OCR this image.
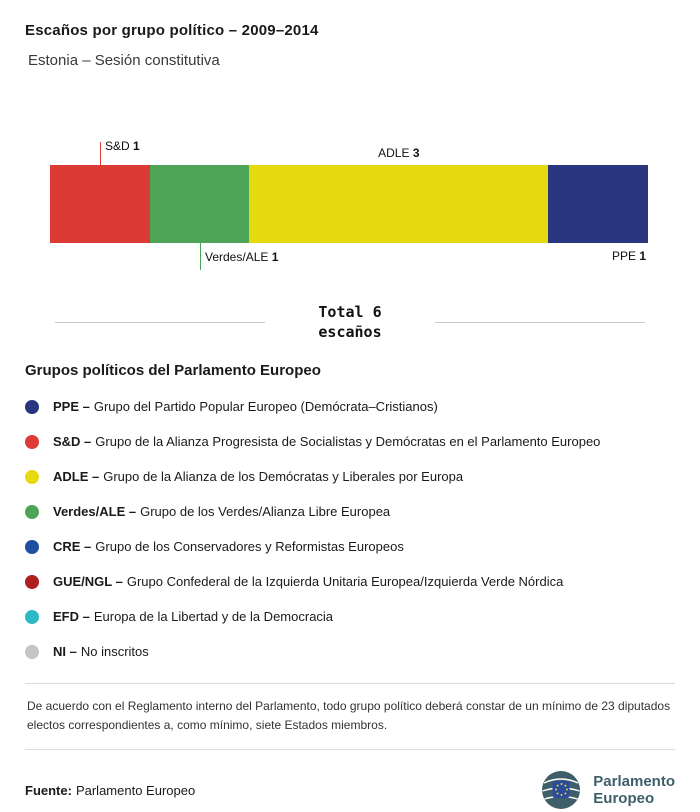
Escaños por grupo político – 2009–2014
Estonia – Sesión constitutiva
S&D 1	ADLE 3
Verdes/ALE 1	PPE 1
Total 6
escaños
Grupos políticos del Parlamento Europeo
PPE – Grupo del Partido Popular Europeo (Demócrata–Cristianos)
S&D – Grupo de la Alianza Progresista de Socialistas y Demócratas en el Parlamento Europeo
ADLE – Grupo de la Alianza de los Demócratas y Liberales por Europa
Verdes/ALE – Grupo de los Verdes/Alianza Libre Europea
CRE – Grupo de los Conservadores y Reformistas Europeos
GUE/NGL – Grupo Confederal de la Izquierda Unitaria Europea/Izquierda Verde Nórdica
EFD – Europa de la Libertad y de la Democracia
NI – No inscritos
De acuerdo con el Reglamento interno del Parlamento, todo grupo político deberá constar de un mínimo de 23 diputados electos correspondientes a, como mínimo, siete Estados miembros.
Fuente: Parlamento Europeo
Parlamento
Europeo
